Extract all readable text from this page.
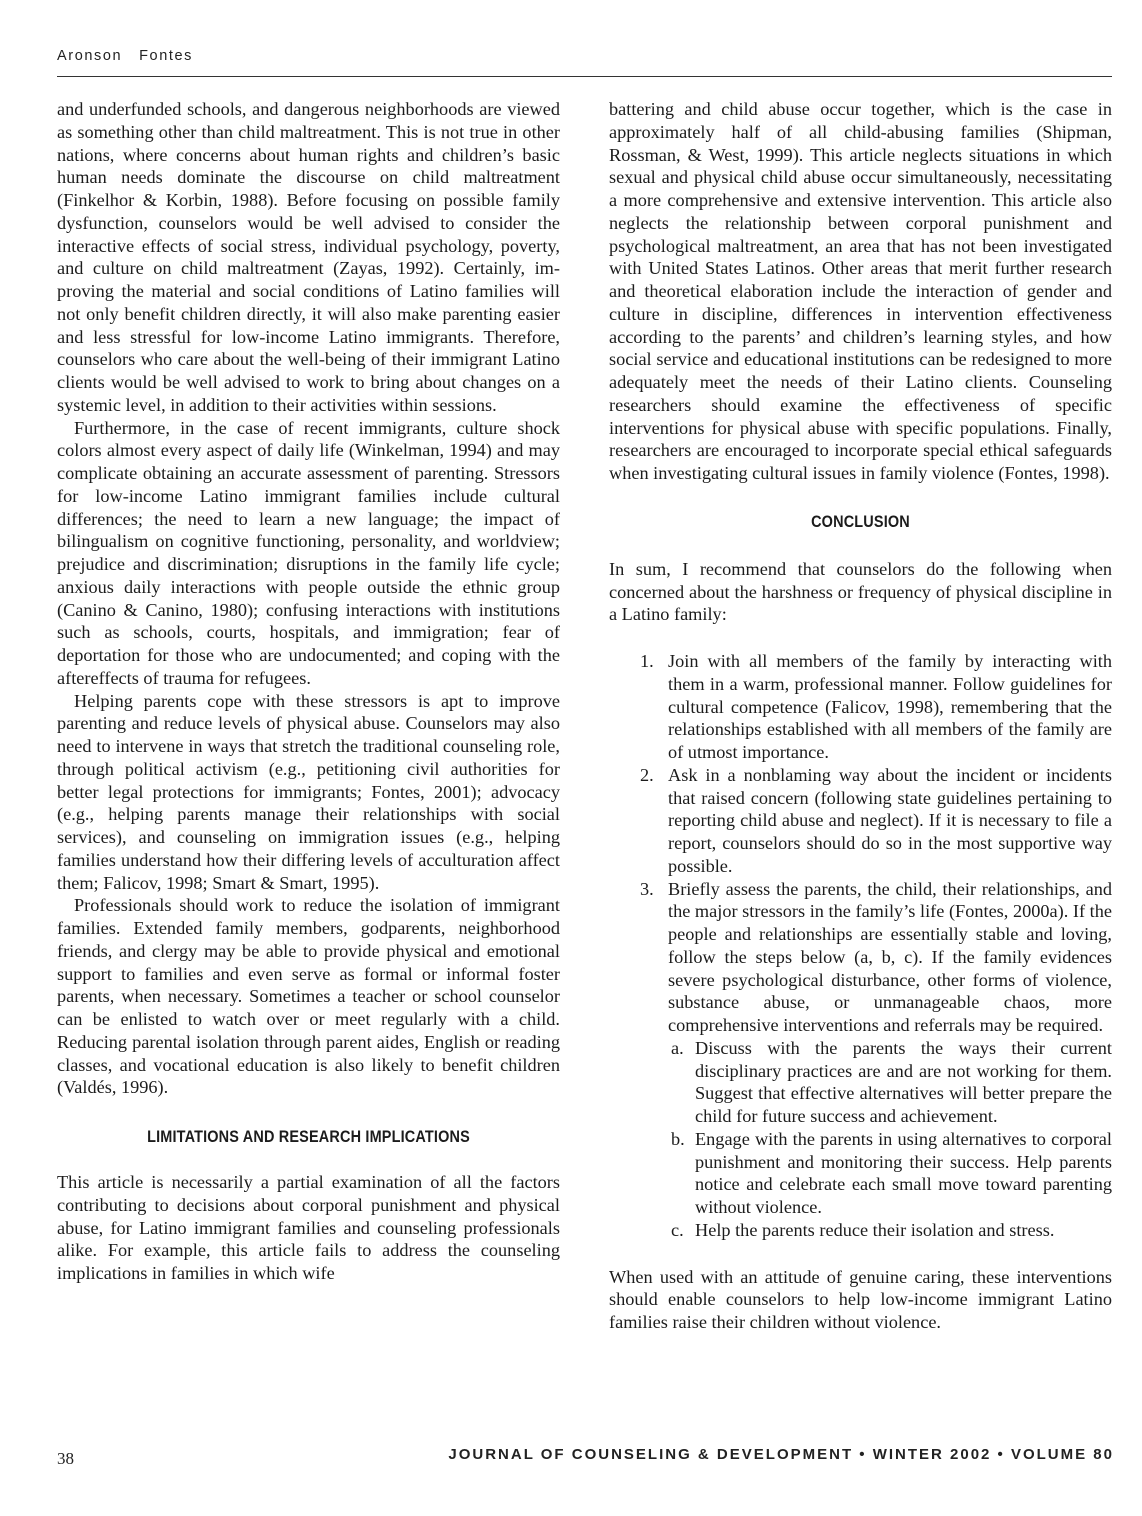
Aronson   Fontes

and underfunded schools, and dangerous neighborhoods are viewed as something other than child maltreatment. This is not true in other nations, where concerns about human rights and children’s basic human needs dominate the discourse on child maltreatment (Finkelhor & Korbin, 1988). Before focusing on possible family dysfunction, counselors would be well advised to consider the interactive effects of social stress, individual psychology, poverty, and culture on child maltreatment (Zayas, 1992). Certainly, improving the material and social conditions of Latino families will not only benefit children directly, it will also make parenting easier and less stressful for low-income Latino immigrants. Therefore, counselors who care about the well-being of their immigrant Latino clients would be well advised to work to bring about changes on a systemic level, in addition to their activities within sessions.

Furthermore, in the case of recent immigrants, culture shock colors almost every aspect of daily life (Winkelman, 1994) and may complicate obtaining an accurate assessment of parenting. Stressors for low-income Latino immigrant families include cultural differences; the need to learn a new language; the impact of bilingualism on cognitive functioning, personality, and worldview; prejudice and discrimination; disruptions in the family life cycle; anxious daily interactions with people outside the ethnic group (Canino & Canino, 1980); confusing interactions with institutions such as schools, courts, hospitals, and immigration; fear of deportation for those who are undocumented; and coping with the aftereffects of trauma for refugees.

Helping parents cope with these stressors is apt to improve parenting and reduce levels of physical abuse. Counselors may also need to intervene in ways that stretch the traditional counseling role, through political activism (e.g., petitioning civil authorities for better legal protections for immigrants; Fontes, 2001); advocacy (e.g., helping parents manage their relationships with social services), and counseling on immigration issues (e.g., helping families understand how their differing levels of acculturation affect them; Falicov, 1998; Smart & Smart, 1995).

Professionals should work to reduce the isolation of immigrant families. Extended family members, godparents, neighborhood friends, and clergy may be able to provide physical and emotional support to families and even serve as formal or informal foster parents, when necessary. Sometimes a teacher or school counselor can be enlisted to watch over or meet regularly with a child. Reducing parental isolation through parent aides, English or reading classes, and vocational education is also likely to benefit children (Valdés, 1996).

LIMITATIONS AND RESEARCH IMPLICATIONS

This article is necessarily a partial examination of all the factors contributing to decisions about corporal punishment and physical abuse, for Latino immigrant families and counseling professionals alike. For example, this article fails to address the counseling implications in families in which wife

battering and child abuse occur together, which is the case in approximately half of all child-abusing families (Shipman, Rossman, & West, 1999). This article neglects situations in which sexual and physical child abuse occur simultaneously, necessitating a more comprehensive and extensive intervention. This article also neglects the relationship between corporal punishment and psychological maltreatment, an area that has not been investigated with United States Latinos. Other areas that merit further research and theoretical elaboration include the interaction of gender and culture in discipline, differences in intervention effectiveness according to the parents’ and children’s learning styles, and how social service and educational institutions can be redesigned to more adequately meet the needs of their Latino clients. Counseling researchers should examine the effectiveness of specific interventions for physical abuse with specific populations. Finally, researchers are encouraged to incorporate special ethical safeguards when investigating cultural issues in family violence (Fontes, 1998).

CONCLUSION

In sum, I recommend that counselors do the following when concerned about the harshness or frequency of physical discipline in a Latino family:

1. Join with all members of the family by interacting with them in a warm, professional manner. Follow guidelines for cultural competence (Falicov, 1998), remembering that the relationships established with all members of the family are of utmost importance.
2. Ask in a nonblaming way about the incident or incidents that raised concern (following state guidelines pertaining to reporting child abuse and neglect). If it is necessary to file a report, counselors should do so in the most supportive way possible.
3. Briefly assess the parents, the child, their relationships, and the major stressors in the family’s life (Fontes, 2000a). If the people and relationships are essentially stable and loving, follow the steps below (a, b, c). If the family evidences severe psychological disturbance, other forms of violence, substance abuse, or unmanageable chaos, more comprehensive interventions and referrals may be required.
a. Discuss with the parents the ways their current disciplinary practices are and are not working for them. Suggest that effective alternatives will better prepare the child for future success and achievement.
b. Engage with the parents in using alternatives to corporal punishment and monitoring their success. Help parents notice and celebrate each small move toward parenting without violence.
c. Help the parents reduce their isolation and stress.

When used with an attitude of genuine caring, these interventions should enable counselors to help low-income immigrant Latino families raise their children without violence.

38	JOURNAL OF COUNSELING & DEVELOPMENT • WINTER 2002 • VOLUME 80
